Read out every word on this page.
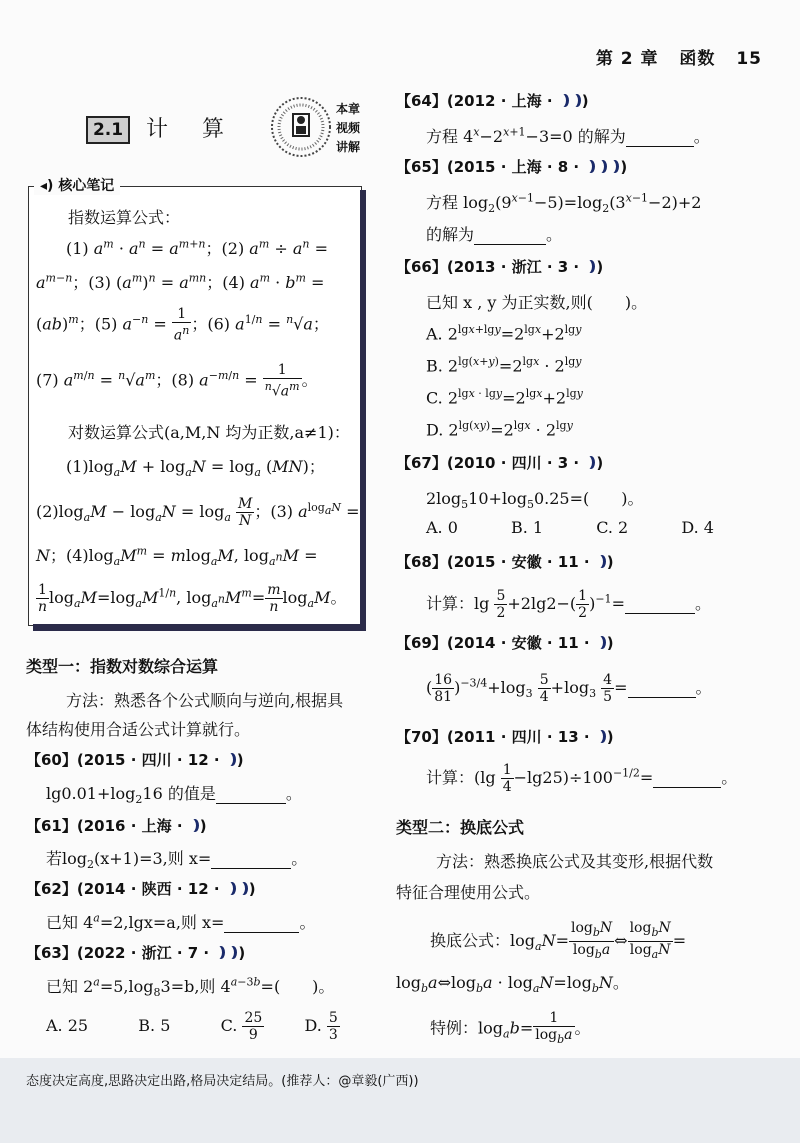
第 2 章 函数 15
2.1	计算
本章
视频
讲解
◂) 核心笔记
指数运算公式：
(1) $a^m \cdot a^n = a^{m+n}$；(2) $a^m \div a^n$ =
$a^{m-n}$；(3) $(a^m)^n = a^{mn}$；(4) $a^m \cdot b^m$ =
(ab)$^m$；(5) $a^{-n} = \frac{1}{a^n}$ ；(6) $a^{1/n} = ^n√a$；
(7) $a^{m/n} = ^n√a^m$；(8) $a^{-m/n} = \frac{1}{^n√a^m}$ 。
对数运算公式(a,M,N 均为正数,a≠1)：
$(1)\log_aM + \log_aN = \log_a (MN)$；
$(2)\log_aM - \log_aN = \log_a \frac{M}{N}$ ；(3) $a^{log_aN}$ =
N；$(4)\log_aM^m = mlog_aM$, $\log_{a^n}M$ =
$\frac{1}{n} \log_aM=\log_aM^{1/n}$, $\log_{a^n}M^m= \frac{m}{n} \log_aM$。
类型一：指数对数综合运算
方法：熟悉各个公式顺向与逆向,根据具
体结构使用合适公式计算就行。
【60】(2015 · 四川 · 12 · )
$\lg 0.01+\log_216$ 的值是	。
【61】(2016 · 上海 · )
若$\log_2(x+1)=3$,则 x=	。
【62】(2014 · 陕西 · 12 · )
已知 $4^a=2,\lg x=a$,则 x=	。
【63】(2022 · 浙江 · 7 · )
已知 $2^a=5,\log_83=b$,则 $4^{a-3b}=$(　　)。
A. 25	B. 5	C. $\frac{25}{9}$	D. $\frac{5}{3}$
【64】(2012 · 上海 · )
方程 $4^x-2^{x+1}-3=0$ 的解为	。
【65】(2015 · 上海 · 8 · )
方程 $\log_2(9^{x-1}-5)=\log_2(3^{x-1}-2)+2$
的解为	。
【66】(2013 · 浙江 · 3 · )
已知 x , y 为正实数,则(　　)。
A. $2^{lgx+lgy}=2^{lgx}+2^{lgy}$
B. $2^{lg(x+y)}=2^{lgx} \cdot 2^{lgy}$
C. $2^{lgx \cdot lgy}=2^{lgx}+2^{lgy}$
D. $2^{lg(xy)}=2^{lgx} \cdot 2^{lgy}$
【67】(2010 · 四川 · 3 · )
$2\log_510+\log_50.25=$(　　)。
A. 0	B. 1	C. 2	D. 4
【68】(2015 · 安徽 · 11 · )
计算：$\lg \frac{5}{2} +2\lg 2-( \frac{1}{2} )^{-1}=$	。
【69】(2014 · 安徽 · 11 · )
( $\frac{16}{81} )^{-3/4}+\log_3 \frac{5}{4} +\log_3 \frac{4}{5}$ =	。
【70】(2011 · 四川 · 13 · )
计算：$(\lg \frac{1}{4} -\lg 25)\div 100^{-1/2}=$	。
类型二：换底公式
方法：熟悉换底公式及其变形,根据代数
特征合理使用公式。
换底公式：$\log_aN= \frac{\log_bN}{\log_ba}$ ⇔ $\frac{\log_bN}{\log_aN}$ =
$\log_ba\Leftrightarrow\log_ba \cdot \log_aN=\log_bN$。
特例：$\log_ab= \frac{1}{\log_ba}$ 。
态度决定高度,思路决定出路,格局决定结局。(推荐人：@章毅(广西))
